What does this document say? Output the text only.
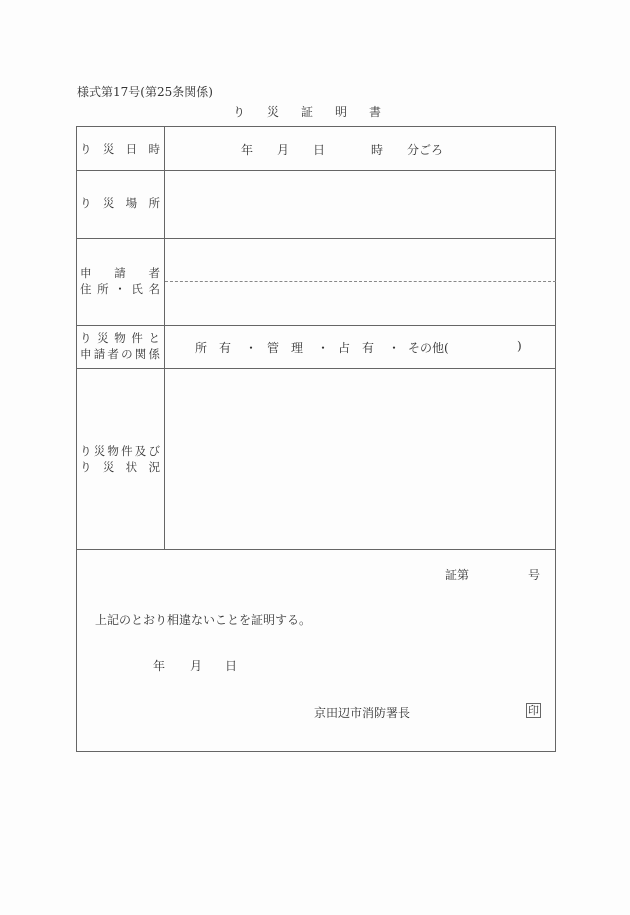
様式第17号(第25条関係)
り 災 証 明 書
り 災 日 時	年 月 日	時 分ごろ
り 災 場 所
申 請 者
住 所 ・ 氏 名
り 災 物 件 と
申 請 者 の 関 係	所　有 ・ 管　理 ・ 占　有 ・ その他(	)
り 災 物 件 及 び
り 災 状 況
証第	号
上記のとおり相違ないことを証明する。
年 月 日
京田辺市消防署長	印
